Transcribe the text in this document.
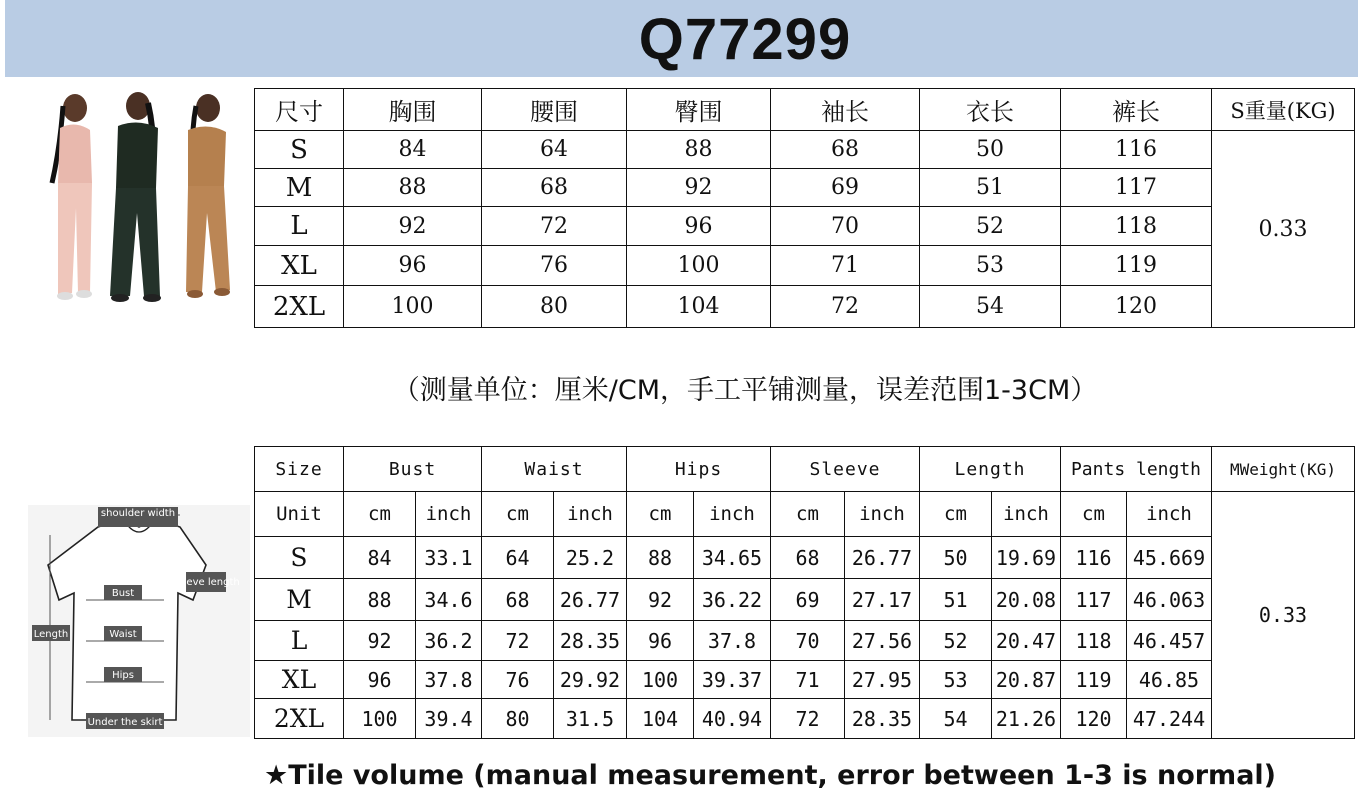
Q77299
尺寸	胸围	腰围	臀围	袖长	衣长	裤长	S重量(KG)
S	84	64	88	68	50	116	0.33
M	88	68	92	69	51	117	
L	92	72	96	70	52	118	
XL	96	76	100	71	53	119	
2XL	100	80	104	72	54	120	
（测量单位：厘米/CM，手工平铺测量，误差范围1-3CM）
shoulder width
sleeve length
Bust
Waist
Hips
Length
Under the skirt
Size	Bust		Waist		Hips		Sleeve		Length		Pants length		MWeight(KG)
Unit	cm	inch	cm	inch	cm	inch	cm	inch	cm	inch	cm	inch	0.33
S	84	33.1	64	25.2	88	34.65	68	26.77	50	19.69	116	45.669	
M	88	34.6	68	26.77	92	36.22	69	27.17	51	20.08	117	46.063	
L	92	36.2	72	28.35	96	37.8	70	27.56	52	20.47	118	46.457	
XL	96	37.8	76	29.92	100	39.37	71	27.95	53	20.87	119	46.85	
2XL	100	39.4	80	31.5	104	40.94	72	28.35	54	21.26	120	47.244	
★Tile volume (manual measurement, error between 1-3 is normal)
